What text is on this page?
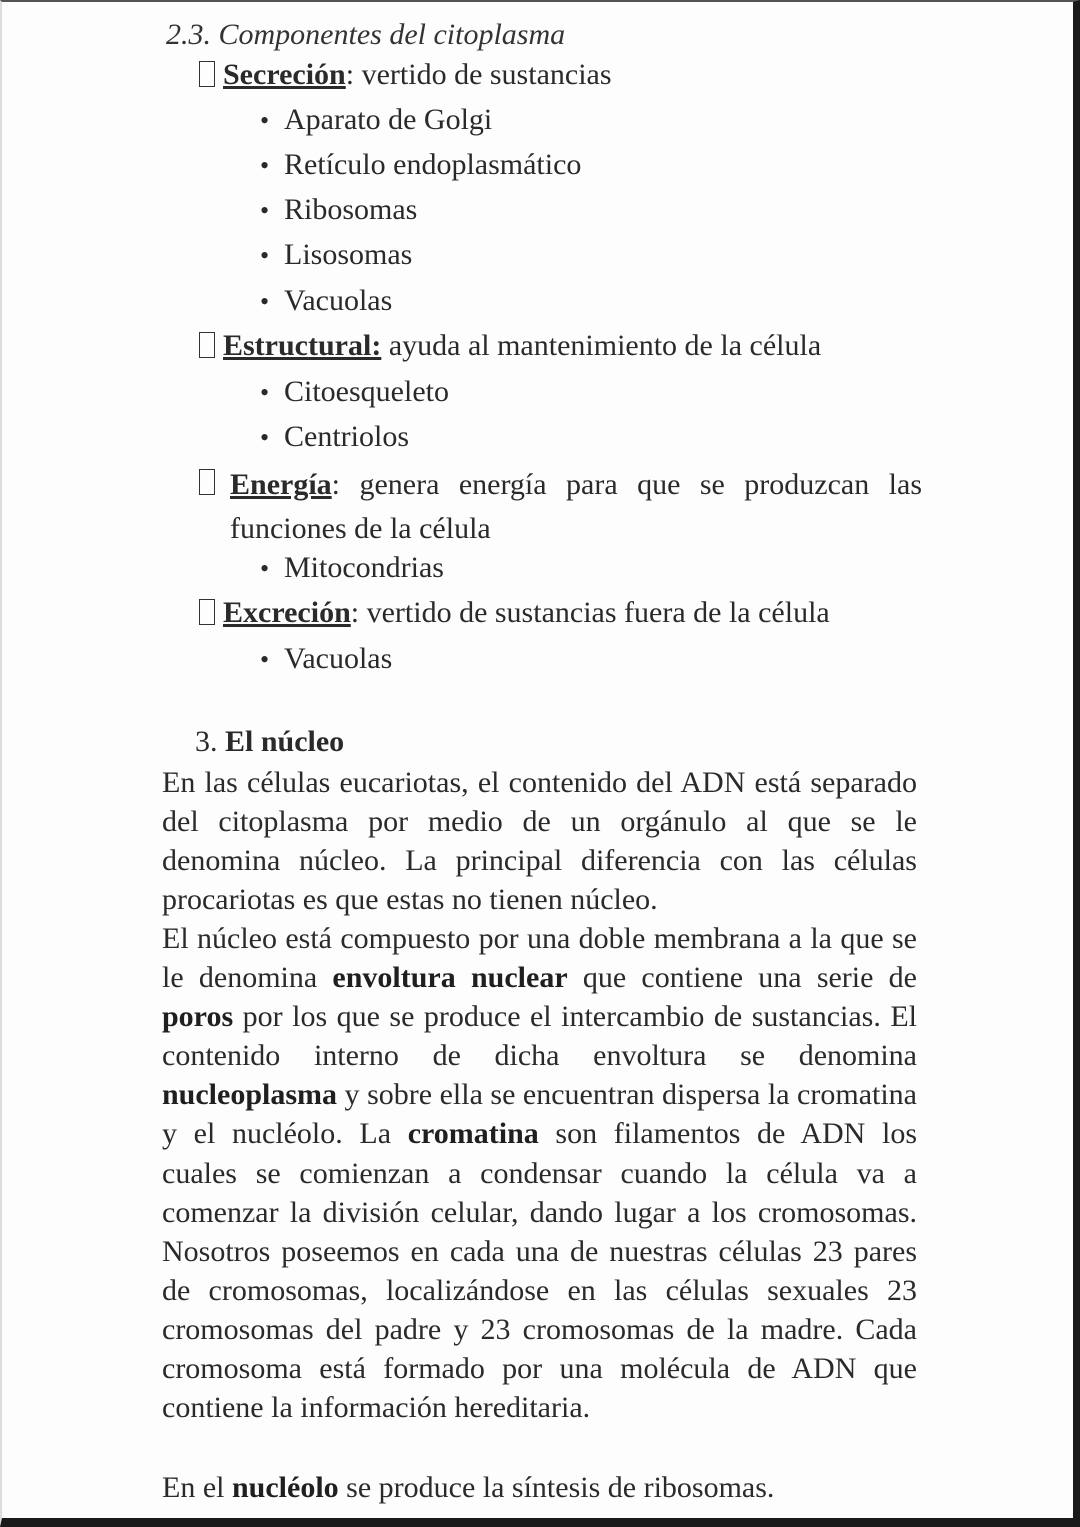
2.3. Componentes del citoplasma
Secreción: vertido de sustancias
• Aparato de Golgi
• Retículo endoplasmático
• Ribosomas
• Lisosomas
• Vacuolas
Estructural: ayuda al mantenimiento de la célula
• Citoesqueleto
• Centriolos
Energía: genera energía para que se produzcan las funciones de la célula
• Mitocondrias
Excreción: vertido de sustancias fuera de la célula
• Vacuolas
3. El núcleo
En las células eucariotas, el contenido del ADN está separado del citoplasma por medio de un orgánulo al que se le denomina núcleo. La principal diferencia con las células procariotas es que estas no tienen núcleo.
El núcleo está compuesto por una doble membrana a la que se le denomina envoltura nuclear que contiene una serie de poros por los que se produce el intercambio de sustancias. El contenido interno de dicha envoltura se denomina nucleoplasma y sobre ella se encuentran dispersa la cromatina y el nucléolo. La cromatina son filamentos de ADN los cuales se comienzan a condensar cuando la célula va a comenzar la división celular, dando lugar a los cromosomas. Nosotros poseemos en cada una de nuestras células 23 pares de cromosomas, localizándose en las células sexuales 23 cromosomas del padre y 23 cromosomas de la madre. Cada cromosoma está formado por una molécula de ADN que contiene la información hereditaria.
En el nucléolo se produce la síntesis de ribosomas.
